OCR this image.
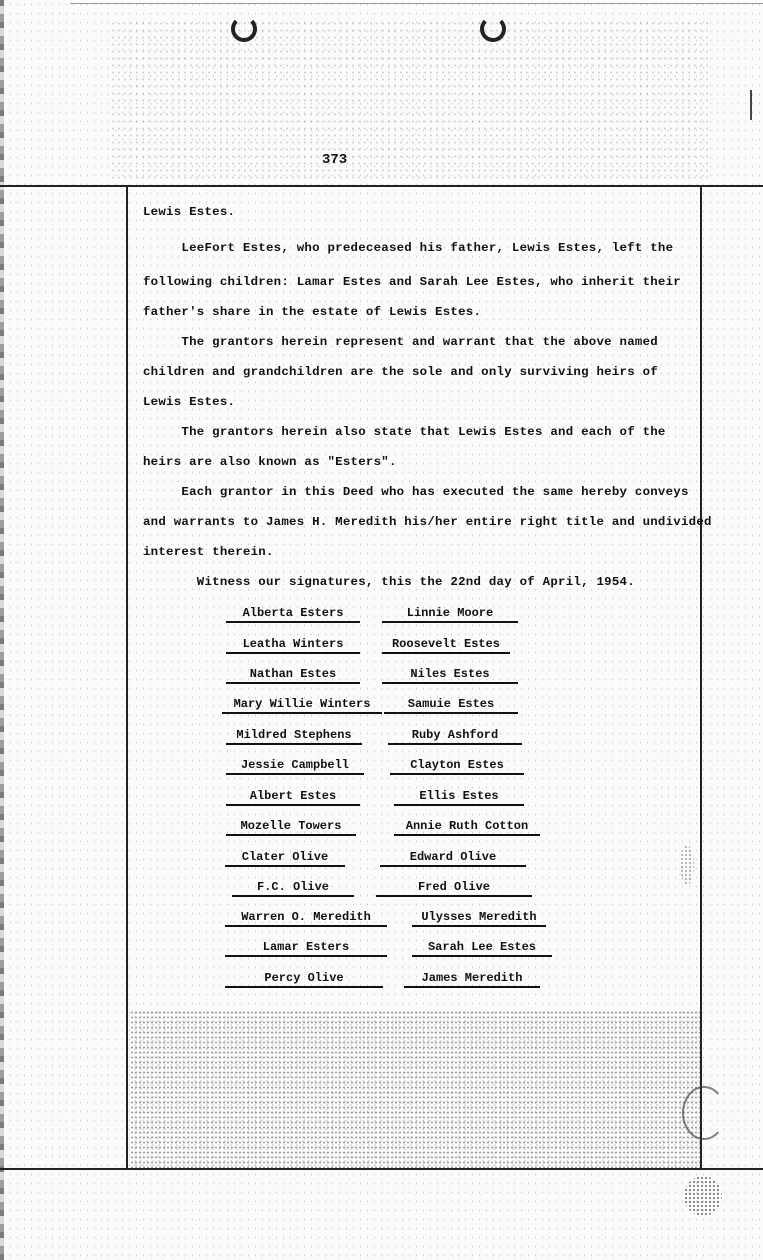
373
Lewis Estes.
LeeFort Estes, who predeceased his father, Lewis Estes, left the
following children: Lamar Estes and Sarah Lee Estes, who inherit their
father's share in the estate of Lewis Estes.
The grantors herein represent and warrant that the above named
children and grandchildren are the sole and only surviving heirs of
Lewis Estes.
The grantors herein also state that Lewis Estes and each of the
heirs are also known as "Esters".
Each grantor in this Deed who has executed the same hereby conveys
and warrants to James H. Meredith his/her entire right title and undivided
interest therein.
Witness our signatures, this the 22nd day of April, 1954.
Alberta Esters
Leatha Winters
Nathan Estes
Mary Willie Winters
Mildred Stephens
Jessie Campbell
Albert Estes
Mozelle Towers
Clater Olive
F.C. Olive
Warren O. Meredith
Lamar Esters
Percy Olive
Linnie Moore
Roosevelt Estes
Niles Estes
Samuie Estes
Ruby Ashford
Clayton Estes
Ellis Estes
Annie Ruth Cotton
Edward Olive
Fred Olive
Ulysses Meredith
Sarah Lee Estes
James Meredith
